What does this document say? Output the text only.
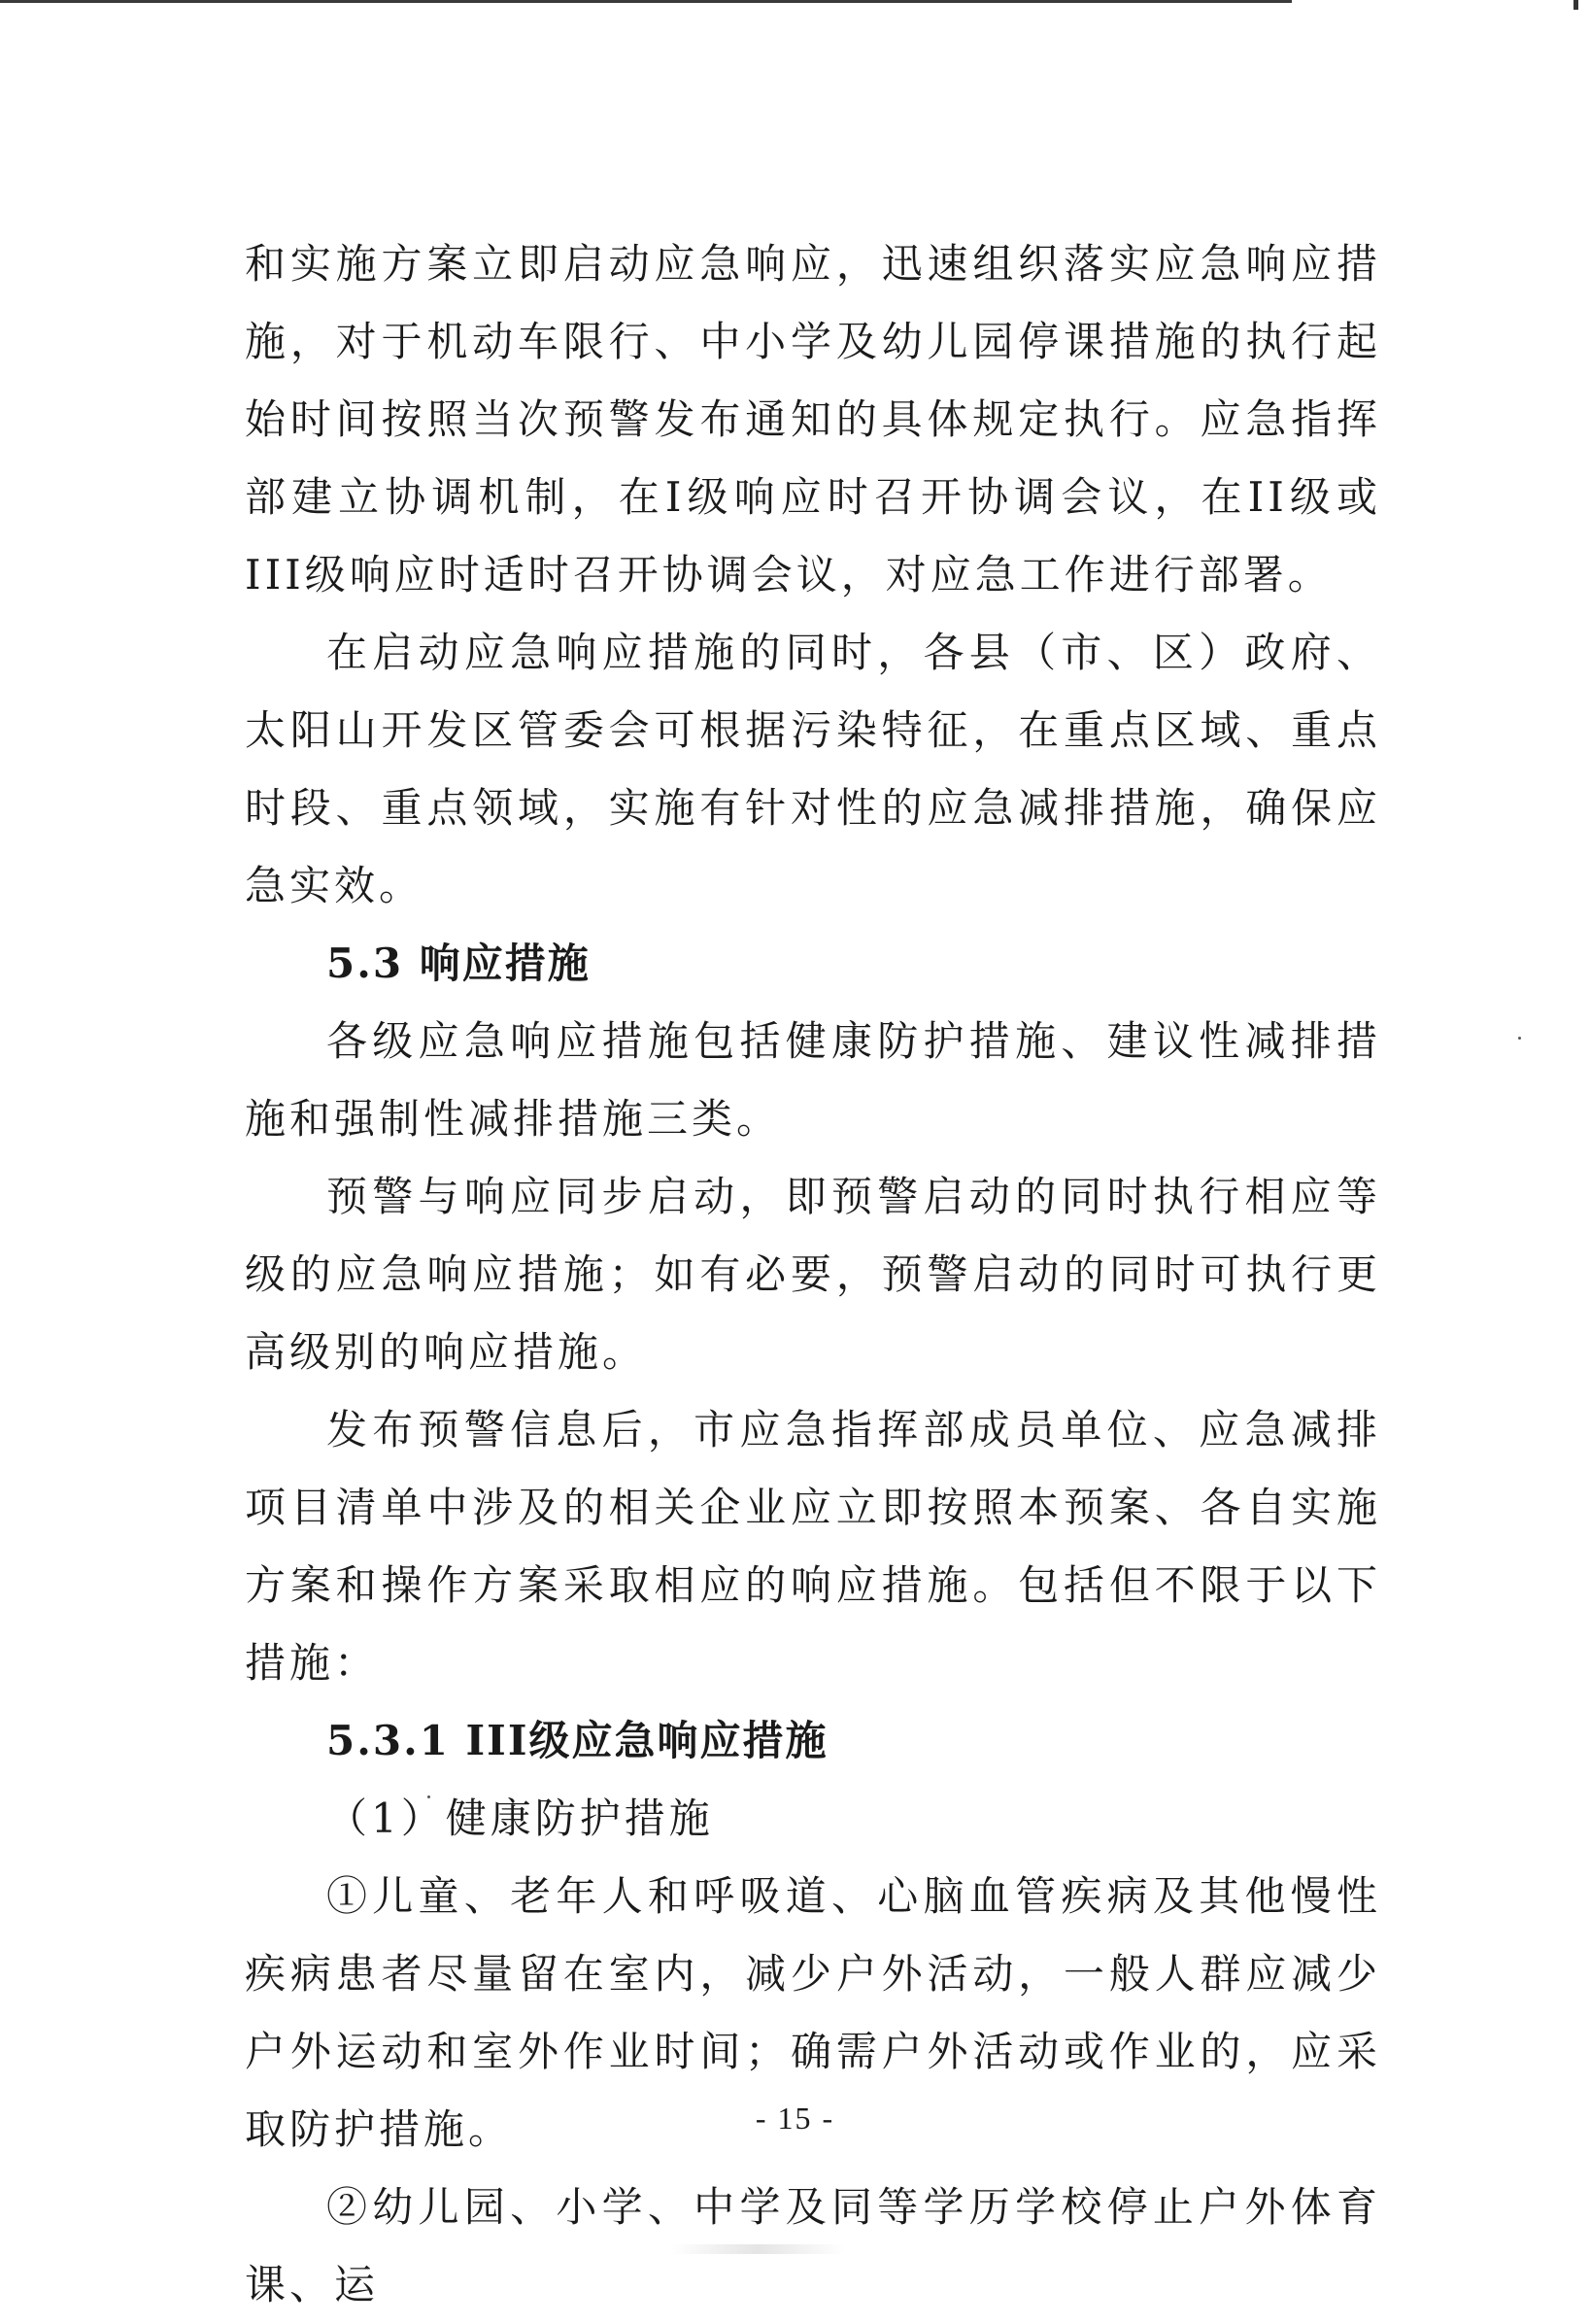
和实施方案立即启动应急响应，迅速组织落实应急响应措施，对于机动车限行、中小学及幼儿园停课措施的执行起始时间按照当次预警发布通知的具体规定执行。应急指挥部建立协调机制，在I级响应时召开协调会议，在II级或III级响应时适时召开协调会议，对应急工作进行部署。

在启动应急响应措施的同时，各县（市、区）政府、太阳山开发区管委会可根据污染特征，在重点区域、重点时段、重点领域，实施有针对性的应急减排措施，确保应急实效。

5.3 响应措施

各级应急响应措施包括健康防护措施、建议性减排措施和强制性减排措施三类。

预警与响应同步启动，即预警启动的同时执行相应等级的应急响应措施；如有必要，预警启动的同时可执行更高级别的响应措施。

发布预警信息后，市应急指挥部成员单位、应急减排项目清单中涉及的相关企业应立即按照本预案、各自实施方案和操作方案采取相应的响应措施。包括但不限于以下措施：

5.3.1 III级应急响应措施

（1）健康防护措施

①儿童、老年人和呼吸道、心脑血管疾病及其他慢性疾病患者尽量留在室内，减少户外活动，一般人群应减少户外运动和室外作业时间；确需户外活动或作业的，应采取防护措施。

②幼儿园、小学、中学及同等学历学校停止户外体育课、运

- 15 -
